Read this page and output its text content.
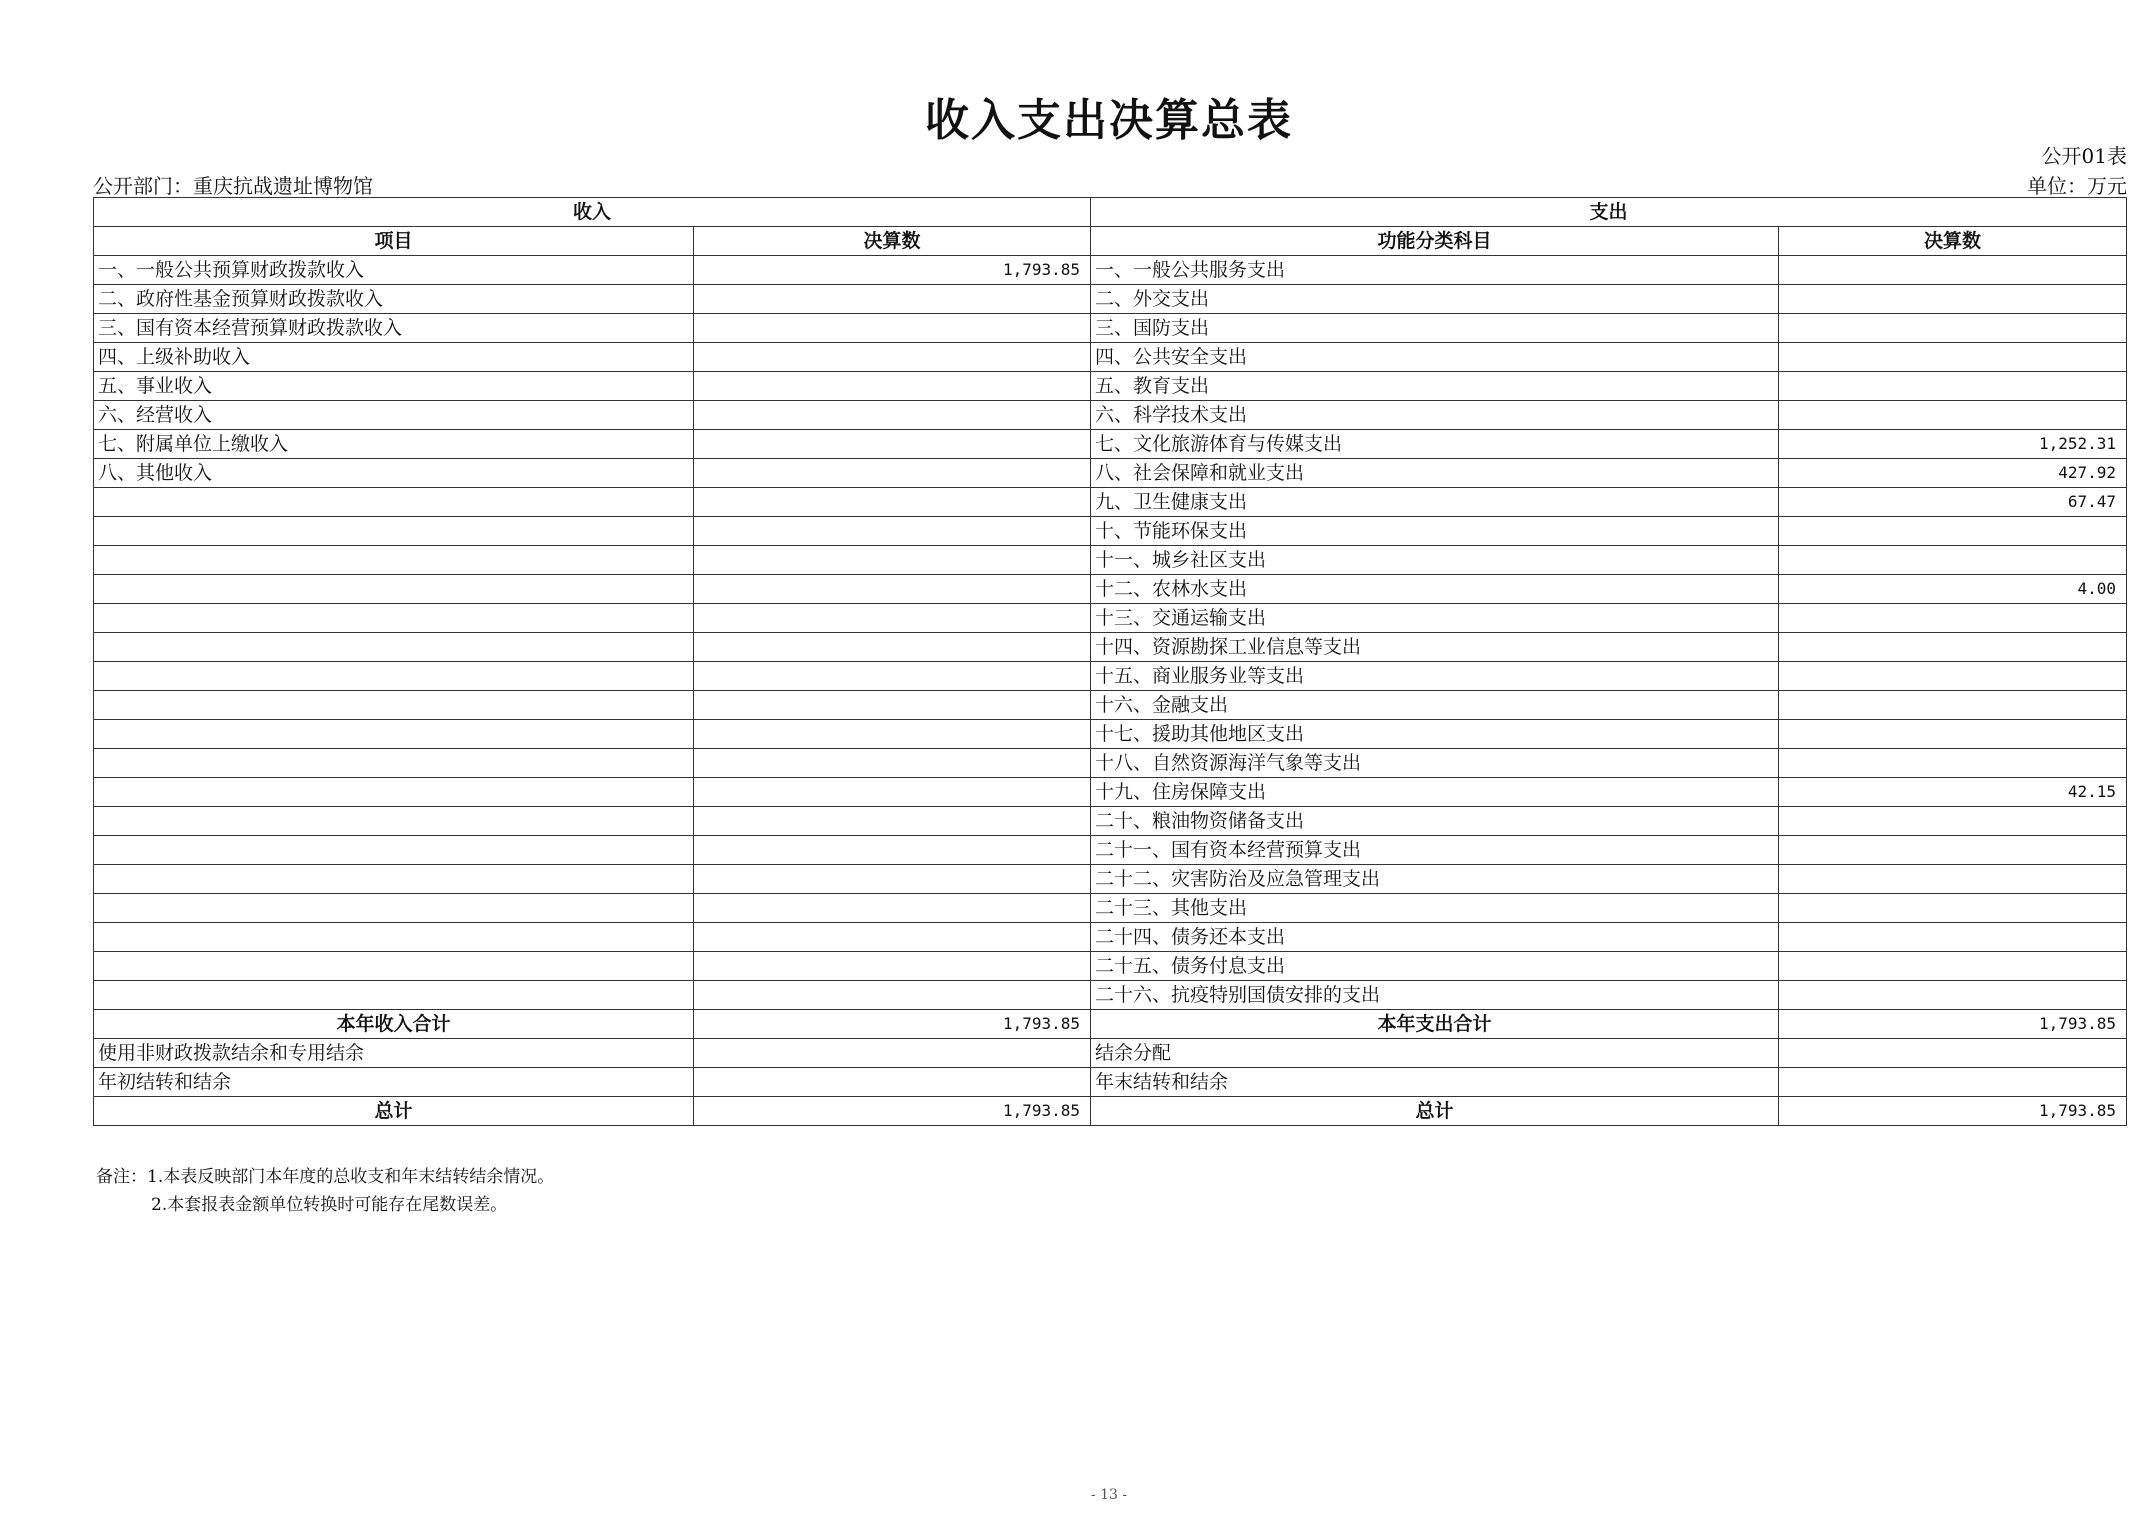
收入支出决算总表
公开01表
公开部门：重庆抗战遗址博物馆	单位：万元
收入		支出	
项目	决算数	功能分类科目	决算数
一、一般公共预算财政拨款收入	1,793.85	一、一般公共服务支出	
二、政府性基金预算财政拨款收入		二、外交支出	
三、国有资本经营预算财政拨款收入		三、国防支出	
四、上级补助收入		四、公共安全支出	
五、事业收入		五、教育支出	
六、经营收入		六、科学技术支出	
七、附属单位上缴收入		七、文化旅游体育与传媒支出	1,252.31
八、其他收入		八、社会保障和就业支出	427.92
		九、卫生健康支出	67.47
		十、节能环保支出	
		十一、城乡社区支出	
		十二、农林水支出	4.00
		十三、交通运输支出	
		十四、资源勘探工业信息等支出	
		十五、商业服务业等支出	
		十六、金融支出	
		十七、援助其他地区支出	
		十八、自然资源海洋气象等支出	
		十九、住房保障支出	42.15
		二十、粮油物资储备支出	
		二十一、国有资本经营预算支出	
		二十二、灾害防治及应急管理支出	
		二十三、其他支出	
		二十四、债务还本支出	
		二十五、债务付息支出	
		二十六、抗疫特别国债安排的支出	
本年收入合计	1,793.85	本年支出合计	1,793.85
使用非财政拨款结余和专用结余		结余分配	
年初结转和结余		年末结转和结余	
总计	1,793.85	总计	1,793.85
备注：1.本表反映部门本年度的总收支和年末结转结余情况。
2.本套报表金额单位转换时可能存在尾数误差。
- 13 -
